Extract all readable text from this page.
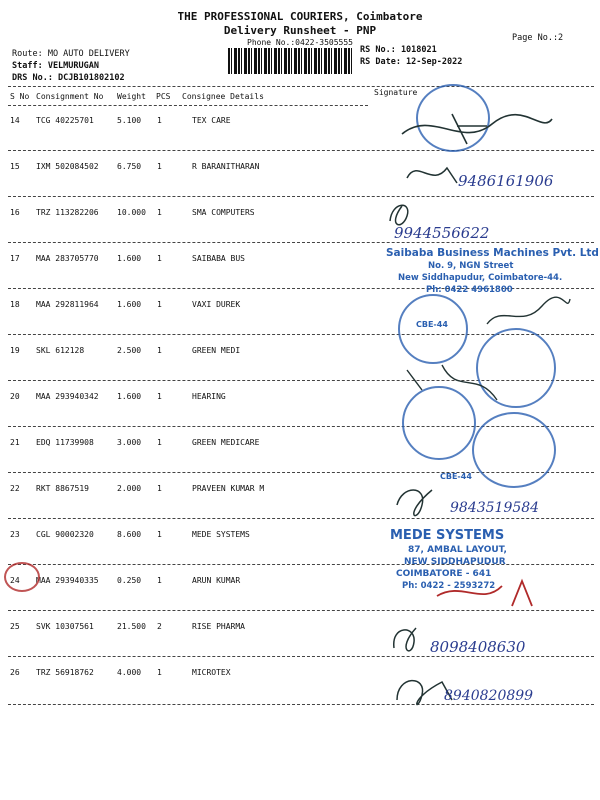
THE PROFESSIONAL COURIERS, Coimbatore
Delivery Runsheet - PNP
Phone No.:0422-3505555	Page No.:2
Route: MO AUTO DELIVERY
Staff: VELMURUGAN
DRS No.: DCJB101802102
RS No.: 1018021
RS Date: 12-Sep-2022
S No Consignment No Weight PCS Consignee Details	Signature
14 TCG 40225701	5.100 1	TEX CARE
15 IXM 502084502 6.750 1	R BARANITHARAN
16 TRZ 113282206 10.000 1	SMA COMPUTERS
17 MAA 283705770 1.600 1	SAIBABA BUS
18 MAA 292811964 1.600 1	VAXI DUREK
19 SKL 612128	2.500 1	GREEN MEDI
20 MAA 293940342 1.600 1	HEARING
21 EDQ 11739908	3.000 1	GREEN MEDICARE
22 RKT 8867519	2.000 1	PRAVEEN KUMAR M
23 CGL 90002320	8.600 1	MEDE SYSTEMS
24 MAA 293940335 0.250 1	ARUN KUMAR
25 SVK 10307561	21.500 2	RISE PHARMA
26 TRZ 56918762	4.000 1	MICROTEX
9486161906
9944556622
Saibaba Business Machines Pvt. Ltd
No. 9, NGN Street
New Siddhapudur, Coimbatore-44.
Ph: 0422 4961800
CBE-44
CBE-44
9843519584
MEDE SYSTEMS
87, AMBAL LAYOUT,
NEW SIDDHAPUDUR
COIMBATORE - 641
Ph: 0422 - 2593272
8098408630
8940820899
